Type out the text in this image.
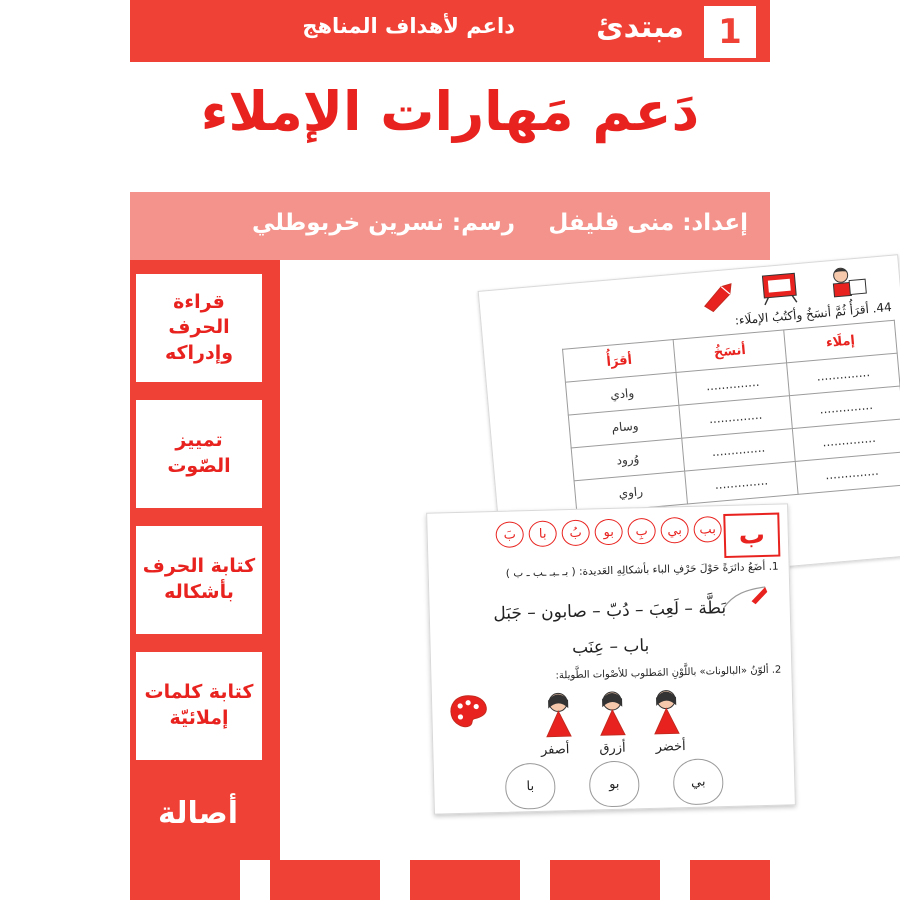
داعم لأهداف المناهج	مبتدئ	1
دَعم مَهارات الإملاء
إعداد: منى فليفل
رسم: نسرين خربوطلي
قراءة الحرف وإدراكه
تمييز الصّوت
كتابة الحرف بأشكاله
كتابة كلمات إملائيّة
أصالة
44. أقرَأُ ثُمَّ أنسَخُ وأكتُبُ الإملَاء:
إملَاء	أنسَخُ	أقرَأُ
..............	..............	وادي
..............	..............	وسام
..............	..............	وُرود
..............	..............	راوي
ب
بب
بي
بِ
بو
بُ
با
بَ
1. أضَعُ دائرَةً حَوْلَ حَرْفِ الباء بأشكالِهِ العَديدة: ( بـ ـبـ ـب ـ ب )
بَطَّة – لَعِبَ – دُبّ – صابون – جَبَل
باب – عِنَب
2. ألوّنُ «البالونات» باللَّوْنِ المَطلوب للأصْوات الطَّويلة:
أخضر
أزرق
أصفر
بي
بو
با
